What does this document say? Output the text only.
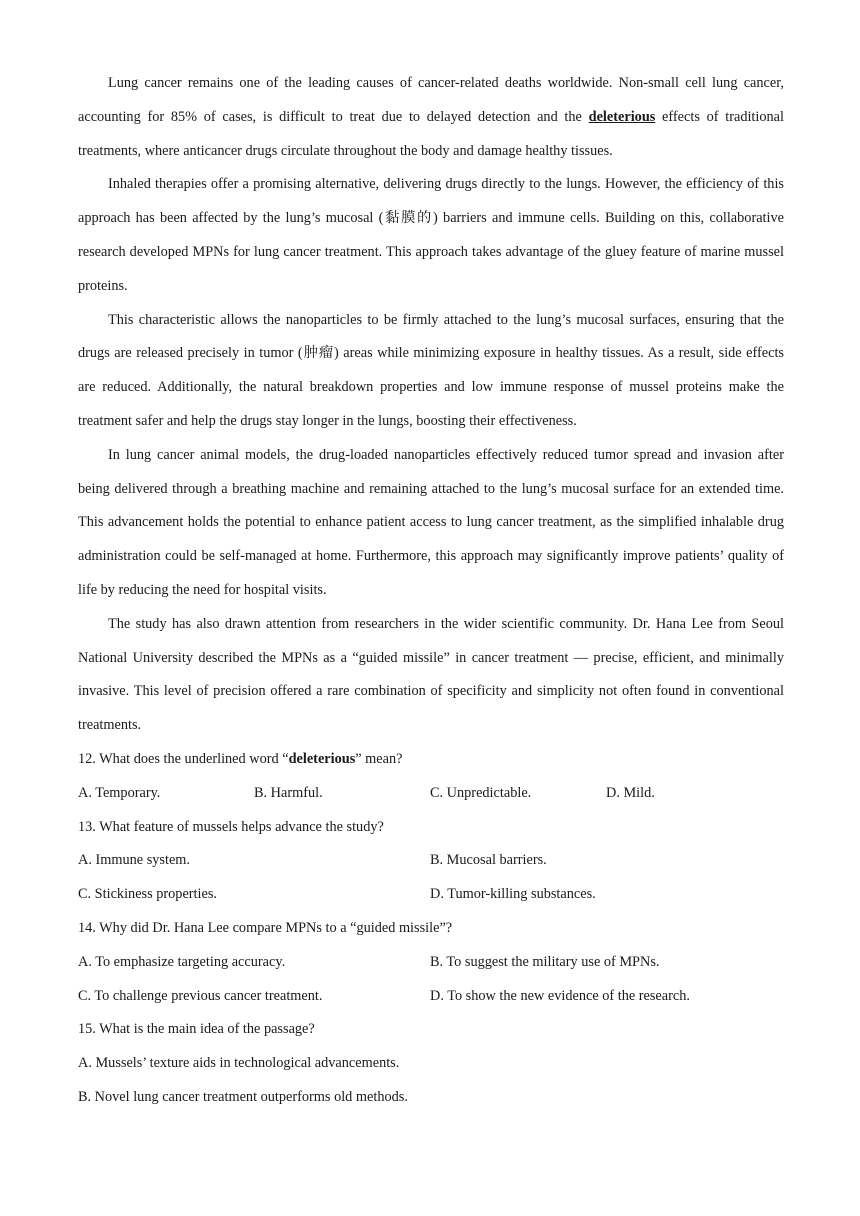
Lung cancer remains one of the leading causes of cancer-related deaths worldwide. Non-small cell lung cancer, accounting for 85% of cases, is difficult to treat due to delayed detection and the deleterious effects of traditional treatments, where anticancer drugs circulate throughout the body and damage healthy tissues.

Inhaled therapies offer a promising alternative, delivering drugs directly to the lungs. However, the efficiency of this approach has been affected by the lung’s mucosal (黏膜的) barriers and immune cells. Building on this, collaborative research developed MPNs for lung cancer treatment. This approach takes advantage of the gluey feature of marine mussel proteins.

This characteristic allows the nanoparticles to be firmly attached to the lung’s mucosal surfaces, ensuring that the drugs are released precisely in tumor (肿瘤) areas while minimizing exposure in healthy tissues. As a result, side effects are reduced. Additionally, the natural breakdown properties and low immune response of mussel proteins make the treatment safer and help the drugs stay longer in the lungs, boosting their effectiveness.

In lung cancer animal models, the drug-loaded nanoparticles effectively reduced tumor spread and invasion after being delivered through a breathing machine and remaining attached to the lung’s mucosal surface for an extended time. This advancement holds the potential to enhance patient access to lung cancer treatment, as the simplified inhalable drug administration could be self-managed at home. Furthermore, this approach may significantly improve patients’ quality of life by reducing the need for hospital visits.

The study has also drawn attention from researchers in the wider scientific community. Dr. Hana Lee from Seoul National University described the MPNs as a “guided missile” in cancer treatment — precise, efficient, and minimally invasive. This level of precision offered a rare combination of specificity and simplicity not often found in conventional treatments.

12. What does the underlined word “deleterious” mean?
A. Temporary.	B. Harmful.	C. Unpredictable.	D. Mild.
13. What feature of mussels helps advance the study?
A. Immune system.	B. Mucosal barriers.
C. Stickiness properties.	D. Tumor-killing substances.
14. Why did Dr. Hana Lee compare MPNs to a “guided missile”?
A. To emphasize targeting accuracy.	B. To suggest the military use of MPNs.
C. To challenge previous cancer treatment.	D. To show the new evidence of the research.
15. What is the main idea of the passage?
A. Mussels’ texture aids in technological advancements.
B. Novel lung cancer treatment outperforms old methods.
